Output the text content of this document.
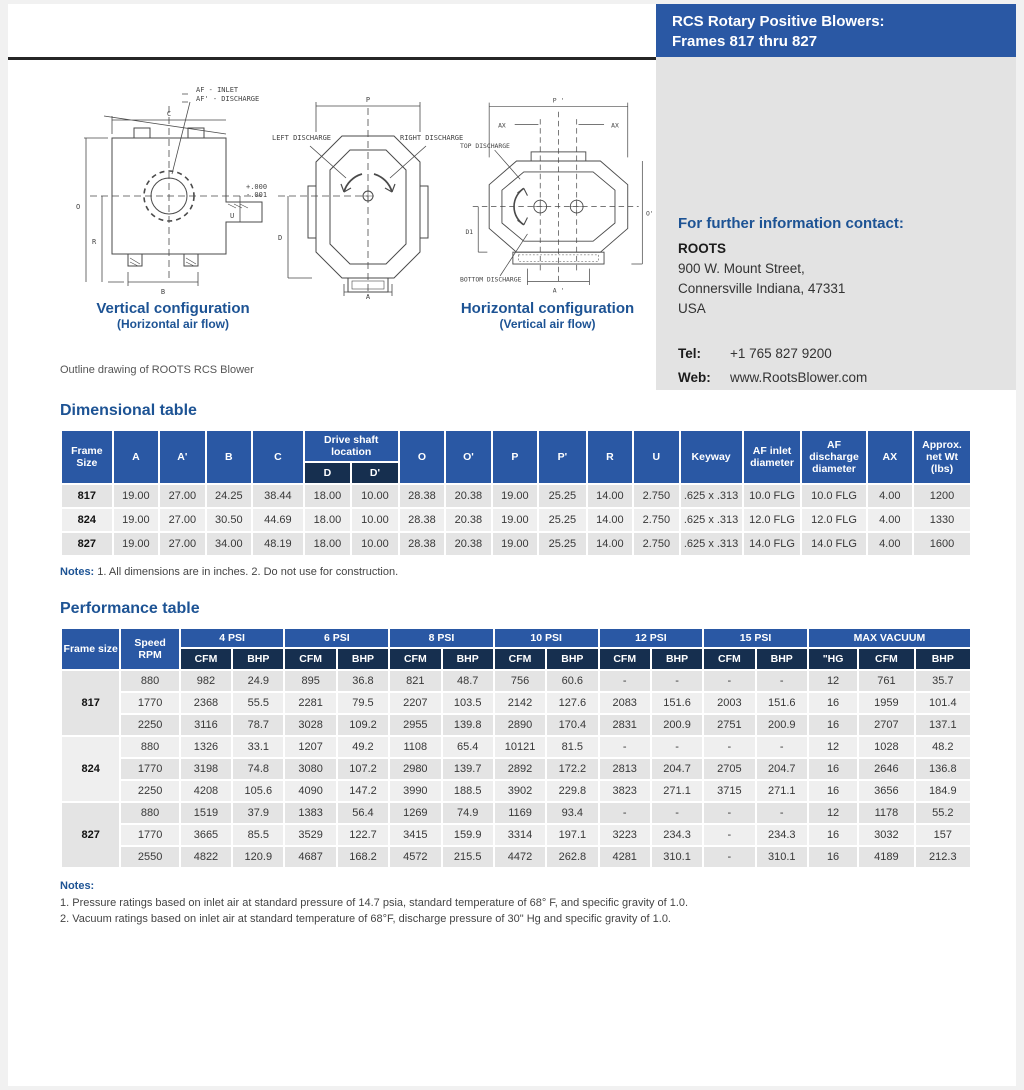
RCS Rotary Positive Blowers:
Frames 817 thru 827
For further information contact:
ROOTS
900 W. Mount Street,
Connersville Indiana, 47331
USA
Tel:	+1 765 827 9200
Web:	www.RootsBlower.com
AF - INLET
AF' - DISCHARGE
C
O
R
B
U
+.000
-.001
P
LEFT DISCHARGE	RIGHT DISCHARGE
D
A
P '
AX	AX
TOP DISCHARGE
BOTTOM DISCHARGE
O'
D1
A '
Vertical configuration
(Horizontal air flow)
Horizontal configuration
(Vertical air flow)
Outline drawing of ROOTS RCS Blower
Dimensional table
Frame Size	A	A'	B	C	Drive shaft location		O	O'	P	P'	R	U	Keyway	AF inlet diameter	AF discharge diameter	AX	Approx. net Wt (lbs)
					D	D'											
817	19.00	27.00	24.25	38.44	18.00	10.00	28.38	20.38	19.00	25.25	14.00	2.750	.625 x .313	10.0 FLG	10.0 FLG	4.00	1200
824	19.00	27.00	30.50	44.69	18.00	10.00	28.38	20.38	19.00	25.25	14.00	2.750	.625 x .313	12.0 FLG	12.0 FLG	4.00	1330
827	19.00	27.00	34.00	48.19	18.00	10.00	28.38	20.38	19.00	25.25	14.00	2.750	.625 x .313	14.0 FLG	14.0 FLG	4.00	1600
Notes: 1. All dimensions are in inches. 2. Do not use for construction.
Performance table
Frame size	Speed RPM	4 PSI		6 PSI		8 PSI		10 PSI		12 PSI		15 PSI		MAX VACUUM		
		CFM	BHP	CFM	BHP	CFM	BHP	CFM	BHP	CFM	BHP	CFM	BHP	"HG	CFM	BHP
817	880	982	24.9	895	36.8	821	48.7	756	60.6	-	-	-	-	12	761	35.7
	1770	2368	55.5	2281	79.5	2207	103.5	2142	127.6	2083	151.6	2003	151.6	16	1959	101.4
	2250	3116	78.7	3028	109.2	2955	139.8	2890	170.4	2831	200.9	2751	200.9	16	2707	137.1
824	880	1326	33.1	1207	49.2	1108	65.4	10121	81.5	-	-	-	-	12	1028	48.2
	1770	3198	74.8	3080	107.2	2980	139.7	2892	172.2	2813	204.7	2705	204.7	16	2646	136.8
	2250	4208	105.6	4090	147.2	3990	188.5	3902	229.8	3823	271.1	3715	271.1	16	3656	184.9
827	880	1519	37.9	1383	56.4	1269	74.9	1169	93.4	-	-	-	-	12	1178	55.2
	1770	3665	85.5	3529	122.7	3415	159.9	3314	197.1	3223	234.3	-	234.3	16	3032	157
	2550	4822	120.9	4687	168.2	4572	215.5	4472	262.8	4281	310.1	-	310.1	16	4189	212.3
Notes:
1. Pressure ratings based on inlet air at standard pressure of 14.7 psia, standard temperature of 68° F, and specific gravity of 1.0.
2. Vacuum ratings based on inlet air at standard temperature of 68°F, discharge pressure of 30" Hg and specific gravity of 1.0.
